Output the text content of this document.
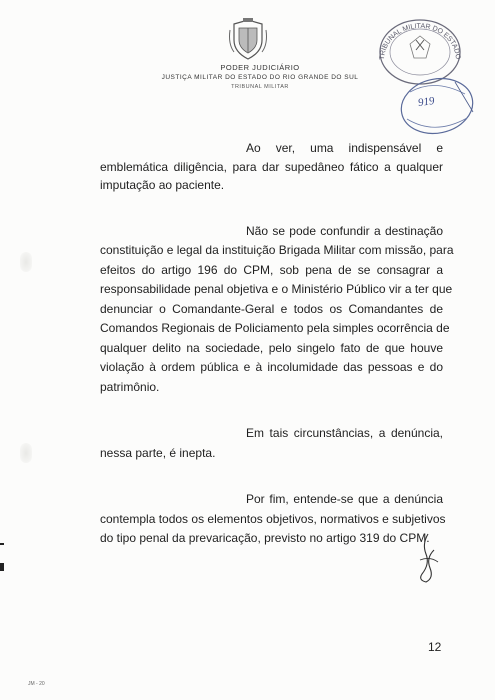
PODER JUDICIÁRIO
JUSTIÇA MILITAR DO ESTADO DO RIO GRANDE DO SUL
TRIBUNAL MILITAR
TRIBUNAL MILITAR DO ESTADO
919
Ao ver, uma indispensável e
emblemática diligência, para dar supedâneo fático a qualquer
imputação ao paciente.
Não se pode confundir a destinação
constituição e legal da instituição Brigada Militar com missão, para
efeitos do artigo 196 do CPM, sob pena de se consagrar a
responsabilidade penal objetiva e o Ministério Público vir a ter que
denunciar o Comandante-Geral e todos os Comandantes de
Comandos Regionais de Policiamento pela simples ocorrência de
qualquer delito na sociedade, pelo singelo fato de que houve
violação à ordem pública e à incolumidade das pessoas e do
patrimônio.
Em tais circunstâncias, a denúncia,
nessa parte, é inepta.
Por fim, entende-se que a denúncia
contempla todos os elementos objetivos, normativos e subjetivos
do tipo penal da prevaricação, previsto no artigo 319 do CPM.
12
JM - 20
